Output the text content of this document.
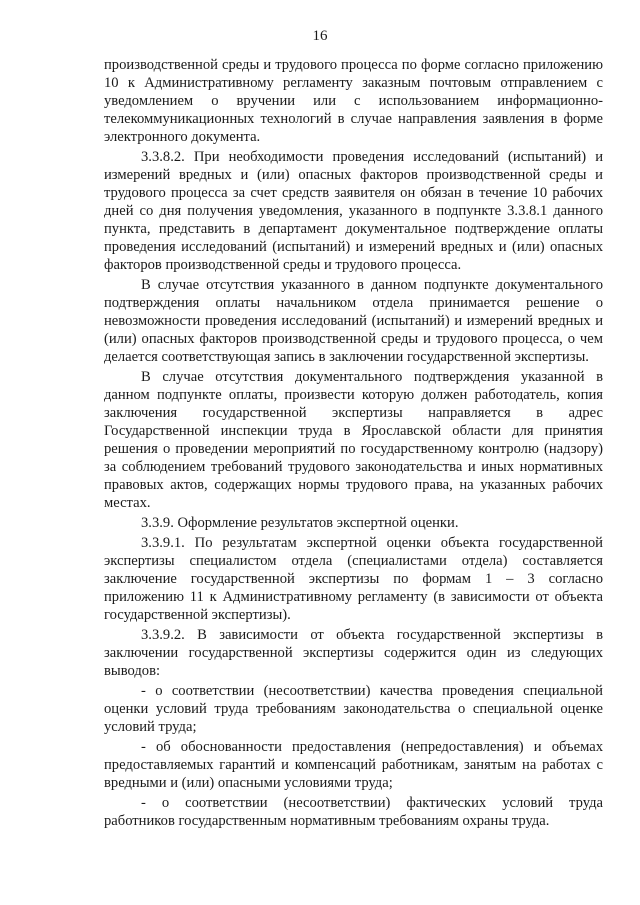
16

производственной среды и трудового процесса по форме согласно приложению 10 к Административному регламенту заказным почтовым отправлением с уведомлением о вручении или с использованием информационно-телекоммуникационных технологий в случае направления заявления в форме электронного документа.

3.3.8.2. При необходимости проведения исследований (испытаний) и измерений вредных и (или) опасных факторов производственной среды и трудового процесса за счет средств заявителя он обязан в течение 10 рабочих дней со дня получения уведомления, указанного в подпункте 3.3.8.1 данного пункта, представить в департамент документальное подтверждение оплаты проведения исследований (испытаний) и измерений вредных и (или) опасных факторов производственной среды и трудового процесса.

В случае отсутствия указанного в данном подпункте документального подтверждения оплаты начальником отдела принимается решение о невозможности проведения исследований (испытаний) и измерений вредных и (или) опасных факторов производственной среды и трудового процесса, о чем делается соответствующая запись в заключении государственной экспертизы.

В случае отсутствия документального подтверждения указанной в данном подпункте оплаты, произвести которую должен работодатель, копия заключения государственной экспертизы направляется в адрес Государственной инспекции труда в Ярославской области для принятия решения о проведении мероприятий по государственному контролю (надзору) за соблюдением требований трудового законодательства и иных нормативных правовых актов, содержащих нормы трудового права, на указанных рабочих местах.

3.3.9. Оформление результатов экспертной оценки.

3.3.9.1. По результатам экспертной оценки объекта государственной экспертизы специалистом отдела (специалистами отдела) составляется заключение государственной экспертизы по формам 1 – 3 согласно приложению 11 к Административному регламенту (в зависимости от объекта государственной экспертизы).

3.3.9.2. В зависимости от объекта государственной экспертизы в заключении государственной экспертизы содержится один из следующих выводов:

- о соответствии (несоответствии) качества проведения специальной оценки условий труда требованиям законодательства о специальной оценке условий труда;

- об обоснованности предоставления (непредоставления) и объемах предоставляемых гарантий и компенсаций работникам, занятым на работах с вредными и (или) опасными условиями труда;

- о соответствии (несоответствии) фактических условий труда работников государственным нормативным требованиям охраны труда.
